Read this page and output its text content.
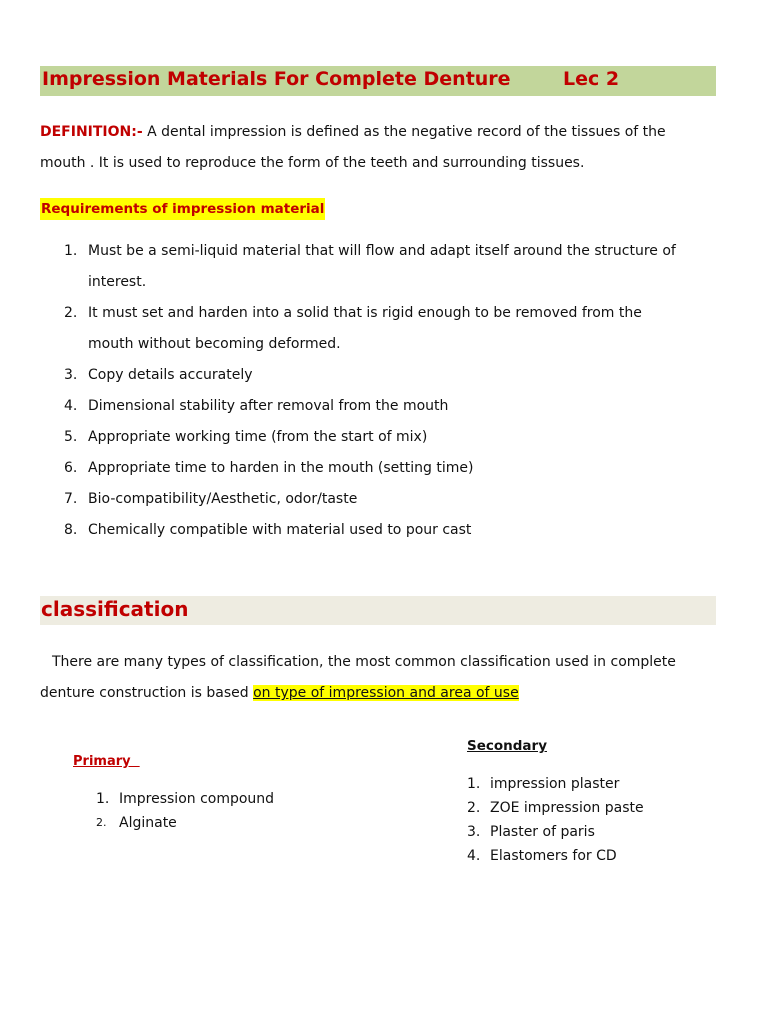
Impression Materials For Complete Denture	Lec 2
DEFINITION:- A dental impression is defined as the negative record of the tissues of the
mouth . It is used to reproduce the form of the teeth and surrounding tissues.
Requirements of impression material
1. Must be a semi-liquid material that will flow and adapt itself around the structure of
interest.
2. It must set and harden into a solid that is rigid enough to be removed from the
mouth without becoming deformed.
3. Copy details accurately
4. Dimensional stability after removal from the mouth
5. Appropriate working time (from the start of mix)
6. Appropriate time to harden in the mouth (setting time)
7. Bio-compatibility/Aesthetic, odor/taste
8. Chemically compatible with material used to pour cast
classification
There are many types of classification, the most common classification used in complete
denture construction is based on type of impression and area of use
Primary
1. Impression compound
2. Alginate
Secondary
1. impression plaster
2. ZOE impression paste
3. Plaster of paris
4. Elastomers for CD
